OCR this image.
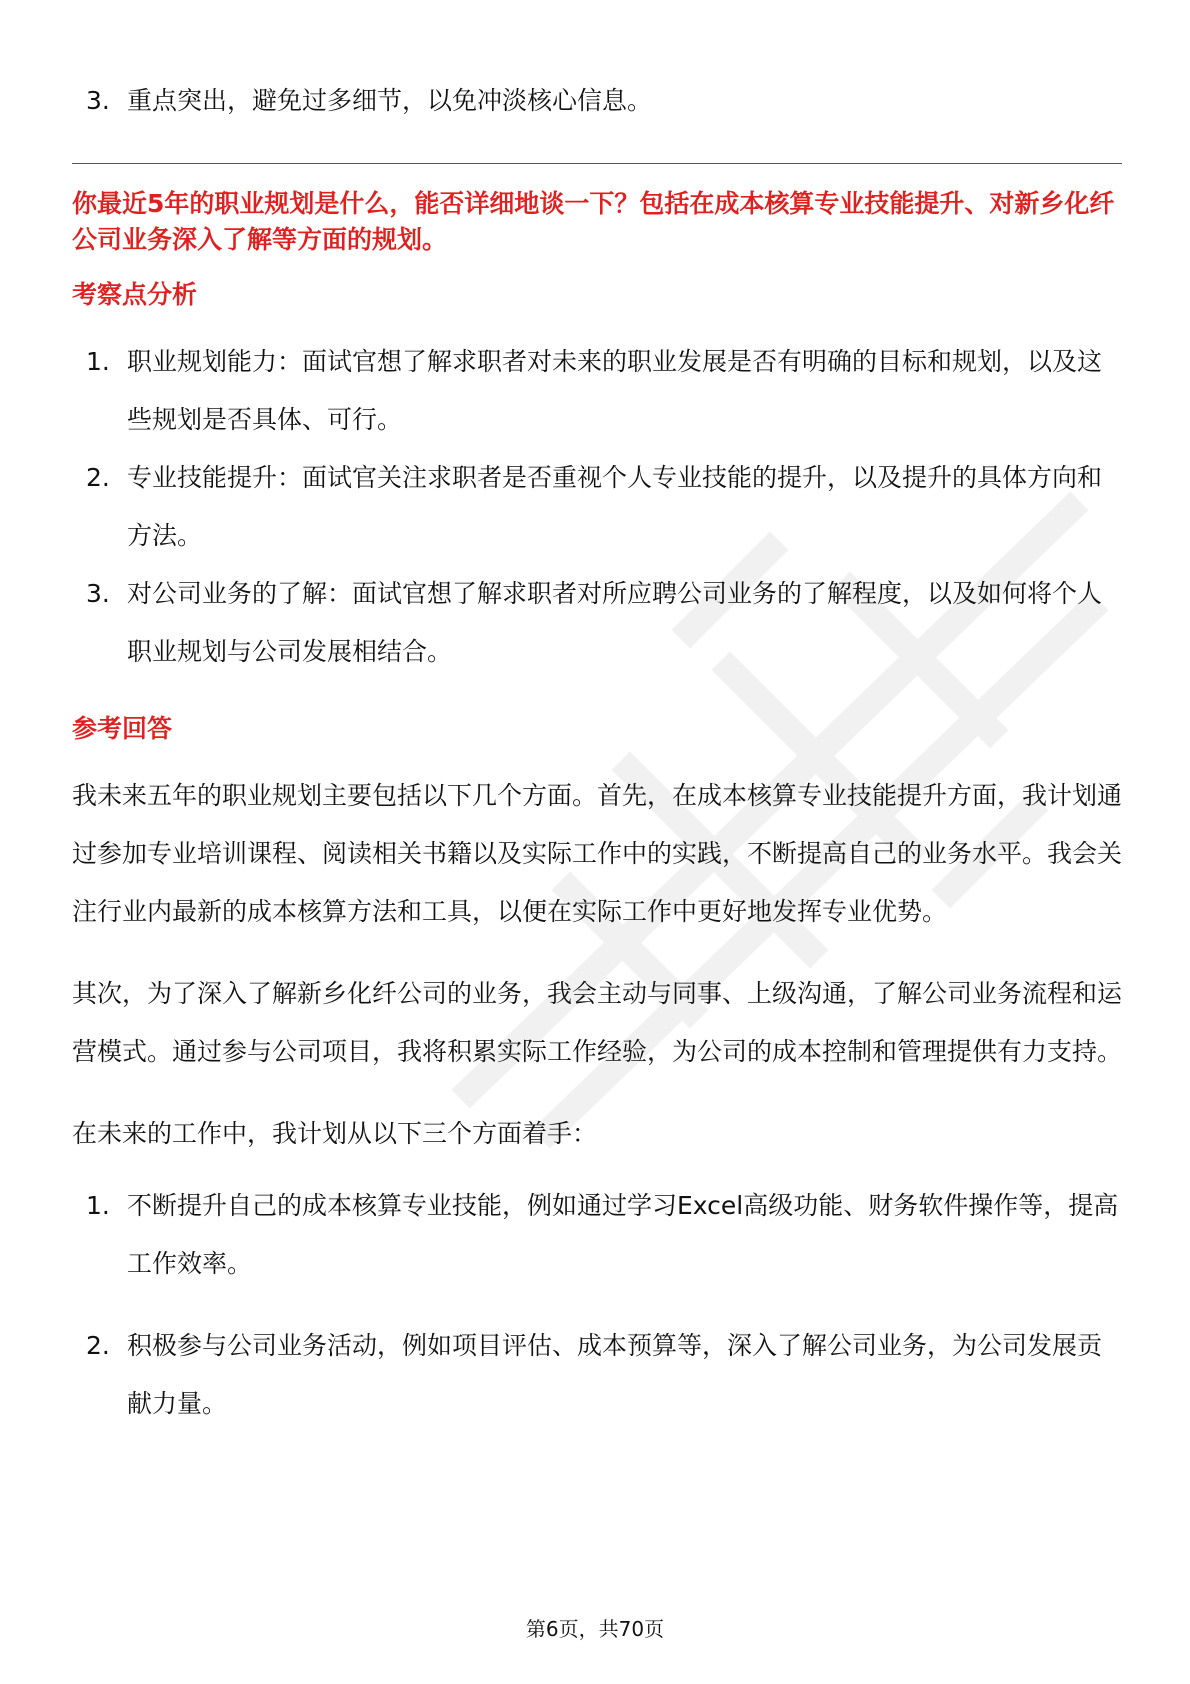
3. 重点突出，避免过多细节，以免冲淡核心信息。
你最近5年的职业规划是什么，能否详细地谈一下？包括在成本核算专业技能提升、对新乡化纤公司业务深入了解等方面的规划。
考察点分析
1. 职业规划能力：面试官想了解求职者对未来的职业发展是否有明确的目标和规划，以及这些规划是否具体、可行。
2. 专业技能提升：面试官关注求职者是否重视个人专业技能的提升，以及提升的具体方向和方法。
3. 对公司业务的了解：面试官想了解求职者对所应聘公司业务的了解程度，以及如何将个人职业规划与公司发展相结合。
参考回答

我未来五年的职业规划主要包括以下几个方面。首先，在成本核算专业技能提升方面，我计划通过参加专业培训课程、阅读相关书籍以及实际工作中的实践，不断提高自己的业务水平。我会关注行业内最新的成本核算方法和工具，以便在实际工作中更好地发挥专业优势。

其次，为了深入了解新乡化纤公司的业务，我会主动与同事、上级沟通，了解公司业务流程和运营模式。通过参与公司项目，我将积累实际工作经验，为公司的成本控制和管理提供有力支持。

在未来的工作中，我计划从以下三个方面着手：

1. 不断提升自己的成本核算专业技能，例如通过学习Excel高级功能、财务软件操作等，提高工作效率。
2. 积极参与公司业务活动，例如项目评估、成本预算等，深入了解公司业务，为公司发展贡献力量。
第6页，共70页
